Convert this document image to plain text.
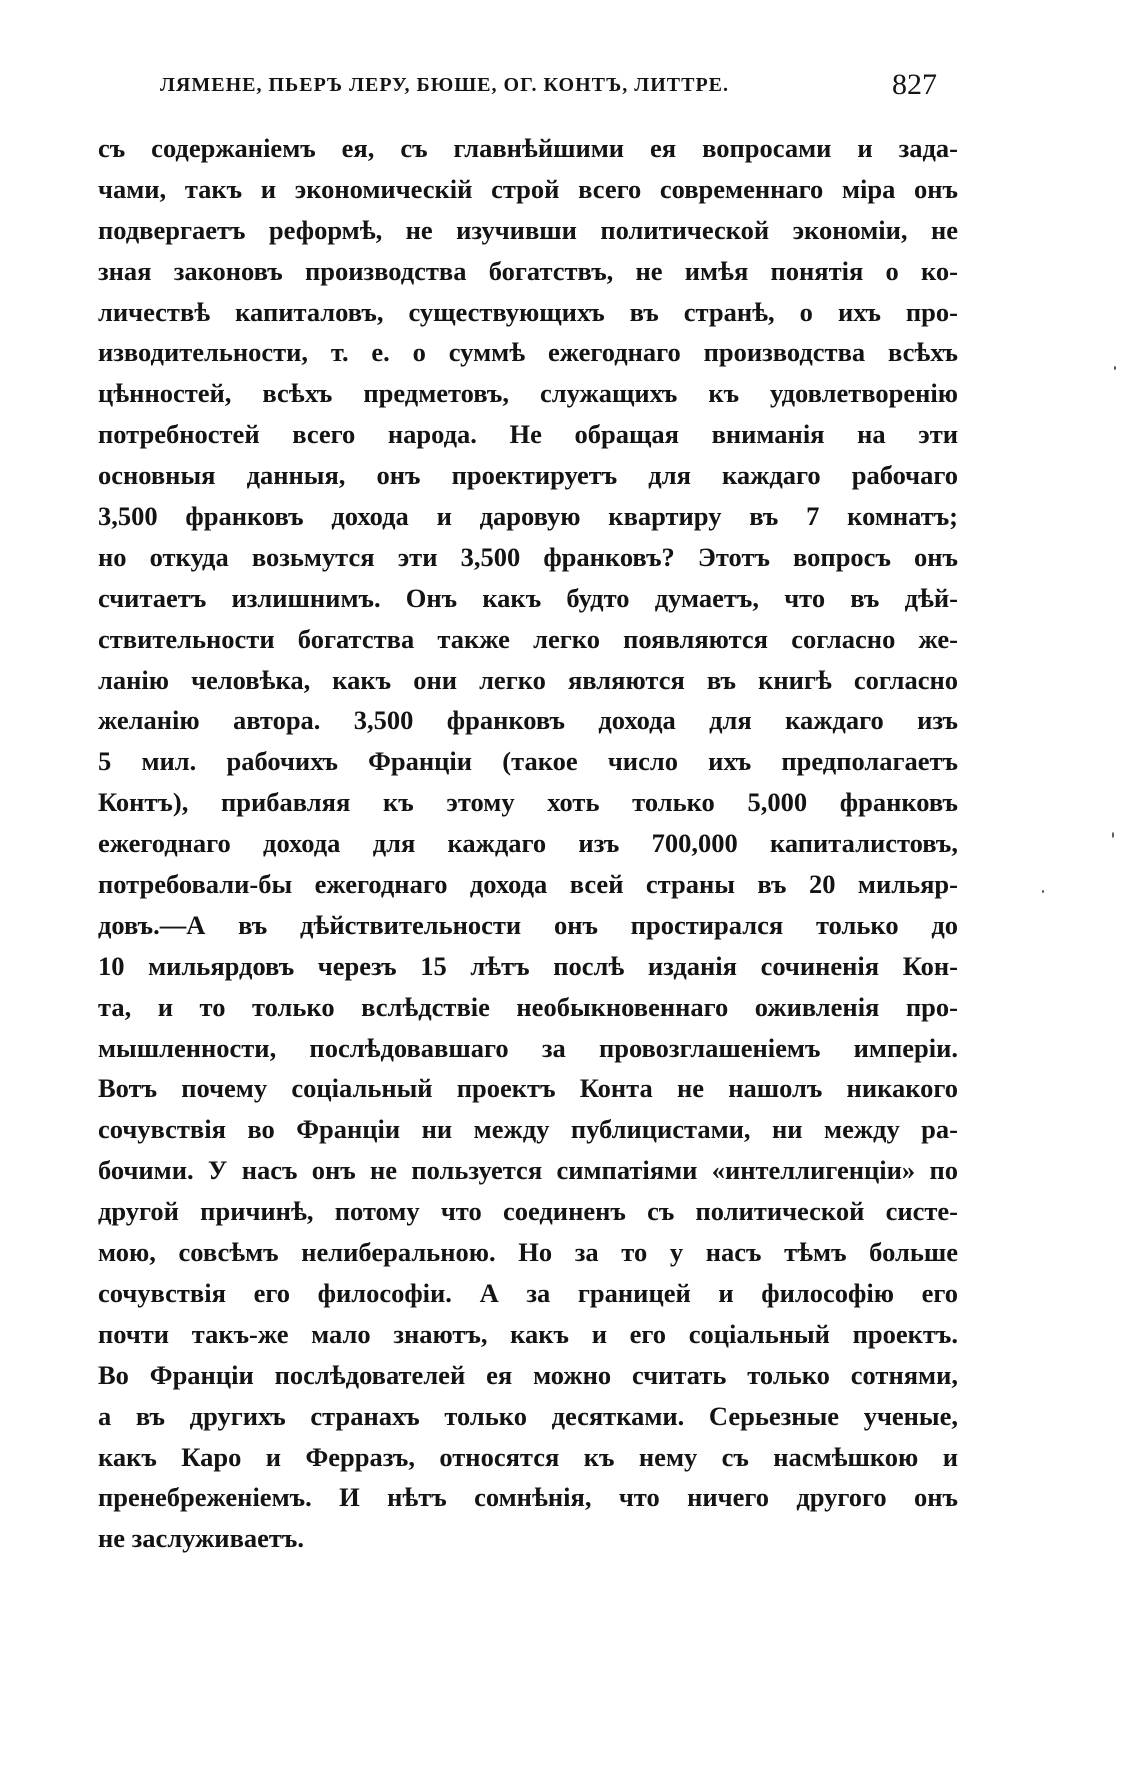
ЛЯМЕНЕ, ПЬЕРЪ ЛЕРУ, БЮШЕ, ОГ. КОНТЪ, ЛИТТРЕ.	827
съ содержаніемъ ея, съ главнѣйшими ея вопросами и зада-
чами, такъ и экономическій строй всего современнаго міра онъ
подвергаетъ реформѣ, не изучивши политической экономіи, не
зная законовъ производства богатствъ, не имѣя понятія о ко-
личествѣ капиталовъ, существующихъ въ странѣ, о ихъ про-
изводительности, т. е. о суммѣ ежегоднаго производства всѣхъ
цѣнностей, всѣхъ предметовъ, служащихъ къ удовлетворенію
потребностей всего народа. Не обращая вниманія на эти
основныя данныя, онъ проектируетъ для каждаго рабочаго
3,500 франковъ дохода и даровую квартиру въ 7 комнатъ;
но откуда возьмутся эти 3,500 франковъ? Этотъ вопросъ онъ
считаетъ излишнимъ. Онъ какъ будто думаетъ, что въ дѣй-
ствительности богатства также легко появляются согласно же-
ланію человѣка, какъ они легко являются въ книгѣ согласно
желанію автора. 3,500 франковъ дохода для каждаго изъ
5 мил. рабочихъ Франціи (такое число ихъ предполагаетъ
Контъ), прибавляя къ этому хоть только 5,000 франковъ
ежегоднаго дохода для каждаго изъ 700,000 капиталистовъ,
потребовали-бы ежегоднаго дохода всей страны въ 20 мильяр-
довъ.—А въ дѣйствительности онъ простирался только до
10 мильярдовъ черезъ 15 лѣтъ послѣ изданія сочиненія Кон-
та, и то только вслѣдствіе необыкновеннаго оживленія про-
мышленности, послѣдовавшаго за провозглашеніемъ имперіи.
Вотъ почему соціальный проектъ Конта не нашолъ никакого
сочувствія во Франціи ни между публицистами, ни между ра-
бочими. У насъ онъ не пользуется симпатіями «интеллигенціи» по
другой причинѣ, потому что соединенъ съ политической систе-
мою, совсѣмъ нелиберальною. Но за то у насъ тѣмъ больше
сочувствія его философіи. А за границей и философію его
почти такъ-же мало знаютъ, какъ и его соціальный проектъ.
Во Франціи послѣдователей ея можно считать только сотнями,
а въ другихъ странахъ только десятками. Серьезные ученые,
какъ Каро и Ферразъ, относятся къ нему съ насмѣшкою и
пренебреженіемъ. И нѣтъ сомнѣнія, что ничего другого онъ
не заслуживаетъ.
